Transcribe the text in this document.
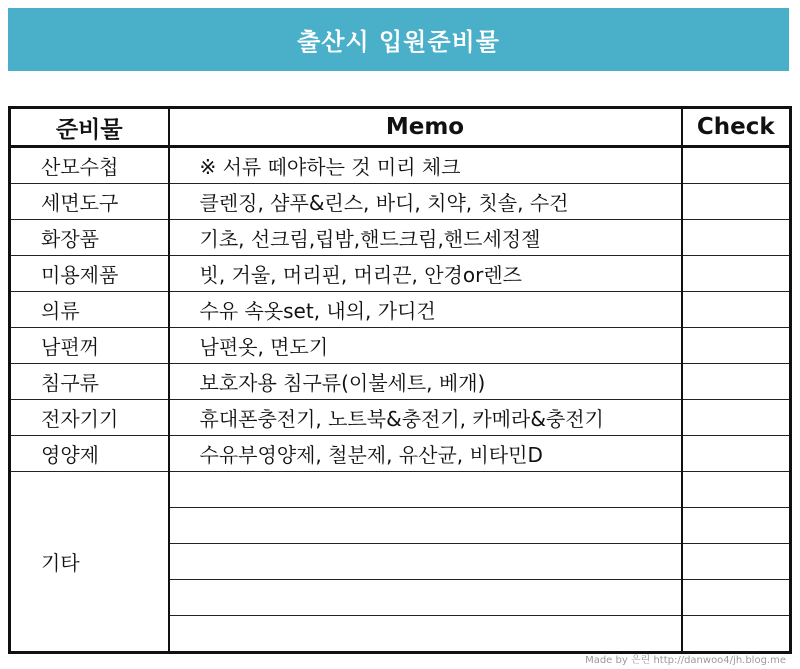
출산시 입원준비물
준비물	Memo	Check
산모수첩	※ 서류 떼야하는 것 미리 체크	
세면도구	클렌징, 샴푸&린스, 바디, 치약, 칫솔, 수건	
화장품	기초, 선크림,립밤,핸드크림,핸드세정젤	
미용제품	빗, 거울, 머리핀, 머리끈, 안경or렌즈	
의류	수유 속옷set, 내의, 가디건	
남편꺼	남편옷, 면도기	
침구류	보호자용 침구류(이불세트, 베개)	
전자기기	휴대폰충전기, 노트북&충전기, 카메라&충전기	
영양제	수유부영양제, 철분제, 유산균, 비타민D	
기타		

Made by 은린 http://danwoo4/jh.blog.me
